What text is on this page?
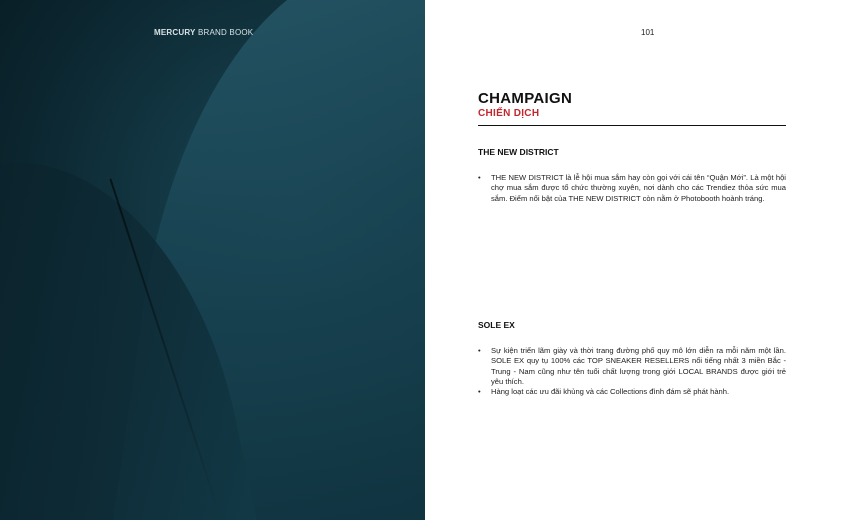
MERCURY BRAND BOOK	101
CHAMPAIGN
CHIẾN DỊCH
THE NEW DISTRICT
• THE NEW DISTRICT là lễ hội mua sắm hay còn gọi với cái tên “Quận Mới”. Là một hội chợ mua sắm được tổ chức thường xuyên, nơi dành cho các Trendiez thỏa sức mua sắm. Điểm nổi bật của THE NEW DISTRICT còn nằm ở Photobooth hoành tráng.
SOLE EX
• Sự kiện triển lãm giày và thời trang đường phố quy mô lớn diễn ra mỗi năm một lần. SOLE EX quy tụ 100% các TOP SNEAKER RESELLERS nổi tiếng nhất 3 miền Bắc - Trung - Nam cũng như tên tuổi chất lượng trong giới LOCAL BRANDS được giới trẻ yêu thích.
• Hàng loạt các ưu đãi khủng và các Collections đình đám sẽ phát hành.
